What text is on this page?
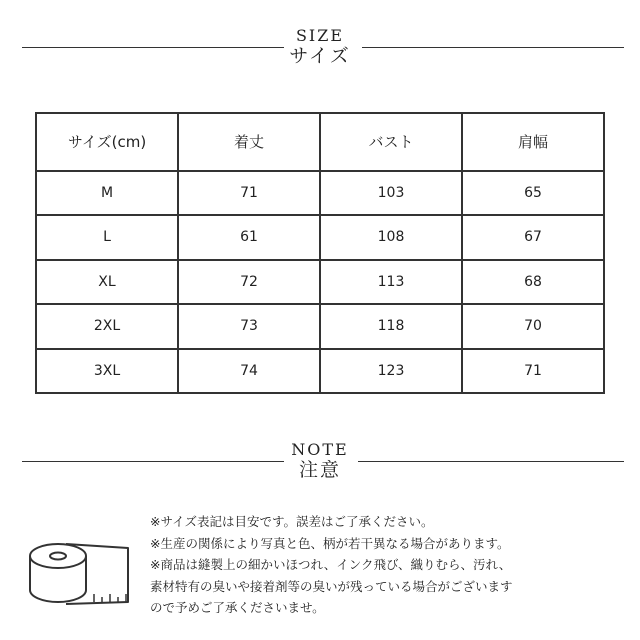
SIZE
サイズ
サイズ(cm)	着丈	バスト	肩幅
M	71	103	65
L	61	108	67
XL	72	113	68
2XL	73	118	70
3XL	74	123	71
NOTE
注意

※サイズ表記は目安です。誤差はご了承ください。

※生産の関係により写真と色、柄が若干異なる場合があります。

※商品は縫製上の細かいほつれ、インク飛び、織りむら、汚れ、

素材特有の臭いや接着剤等の臭いが残っている場合がございます

ので予めご了承くださいませ。
